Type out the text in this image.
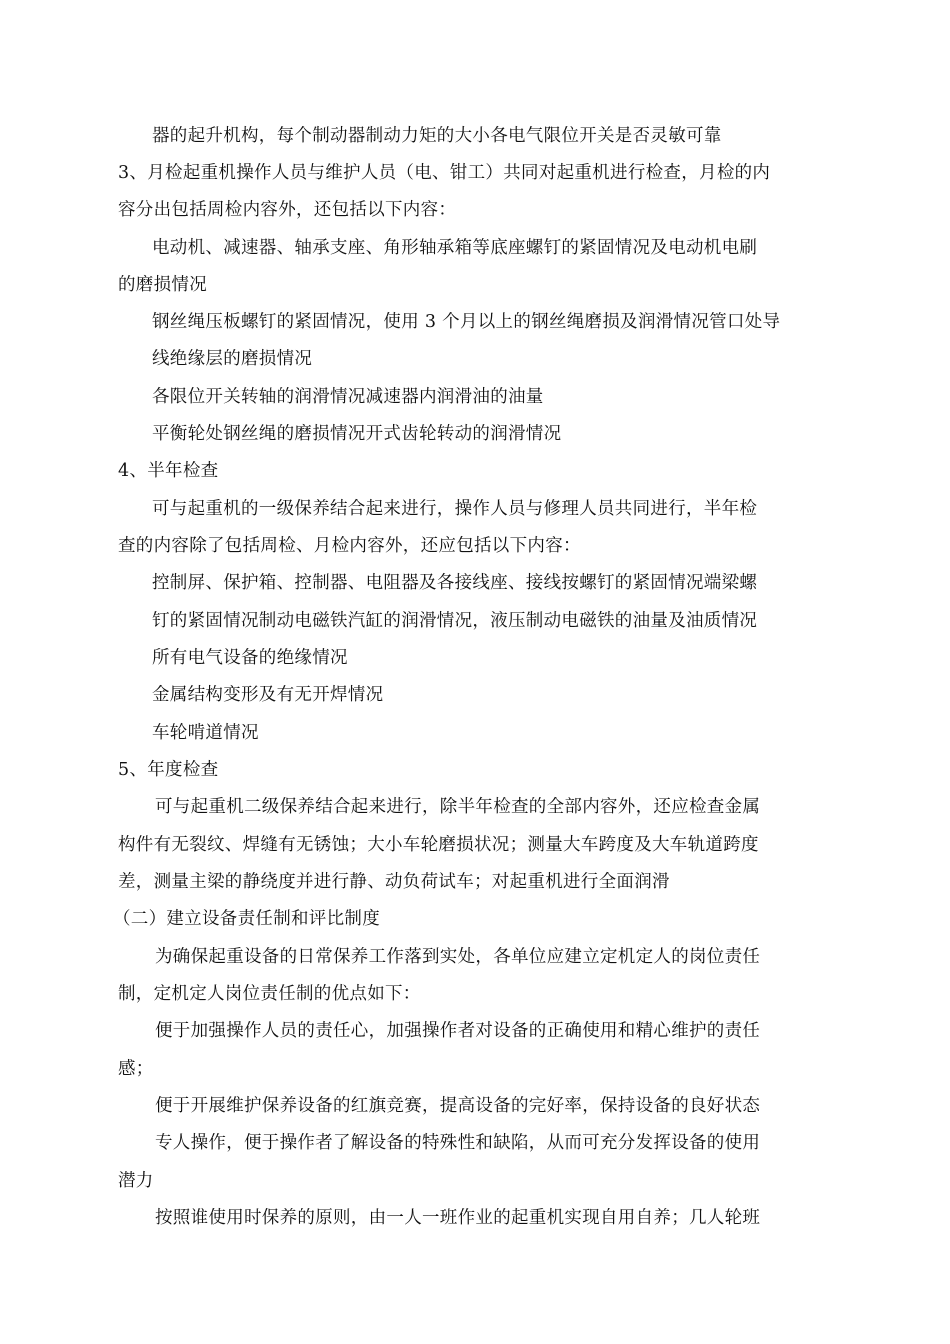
器的起升机构，每个制动器制动力矩的大小各电气限位开关是否灵敏可靠
3、月检起重机操作人员与维护人员（电、钳工）共同对起重机进行检查，月检的内
容分出包括周检内容外，还包括以下内容：
电动机、减速器、轴承支座、角形轴承箱等底座螺钉的紧固情况及电动机电刷
的磨损情况
钢丝绳压板螺钉的紧固情况，使用 3 个月以上的钢丝绳磨损及润滑情况管口处导
线绝缘层的磨损情况
各限位开关转轴的润滑情况减速器内润滑油的油量
平衡轮处钢丝绳的磨损情况开式齿轮转动的润滑情况
4、半年检查
可与起重机的一级保养结合起来进行，操作人员与修理人员共同进行，半年检
查的内容除了包括周检、月检内容外，还应包括以下内容：
控制屏、保护箱、控制器、电阻器及各接线座、接线按螺钉的紧固情况端梁螺
钉的紧固情况制动电磁铁汽缸的润滑情况，液压制动电磁铁的油量及油质情况
所有电气设备的绝缘情况
金属结构变形及有无开焊情况
车轮啃道情况
5、年度检查
可与起重机二级保养结合起来进行，除半年检查的全部内容外，还应检查金属
构件有无裂纹、焊缝有无锈蚀；大小车轮磨损状况；测量大车跨度及大车轨道跨度
差，测量主梁的静绕度并进行静、动负荷试车；对起重机进行全面润滑
（二）建立设备责任制和评比制度
为确保起重设备的日常保养工作落到实处，各单位应建立定机定人的岗位责任
制，定机定人岗位责任制的优点如下：
便于加强操作人员的责任心，加强操作者对设备的正确使用和精心维护的责任
感；
便于开展维护保养设备的红旗竞赛，提高设备的完好率，保持设备的良好状态
专人操作，便于操作者了解设备的特殊性和缺陷，从而可充分发挥设备的使用
潜力
按照谁使用时保养的原则，由一人一班作业的起重机实现自用自养；几人轮班
